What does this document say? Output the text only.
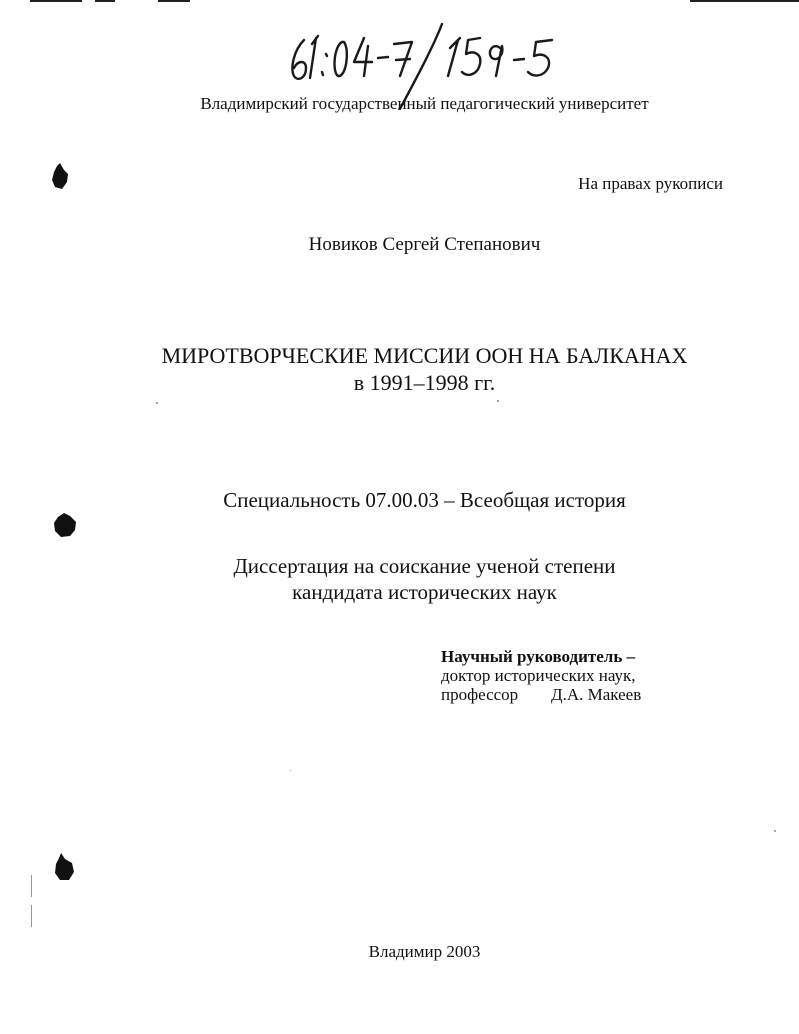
Владимирский государственный педагогический университет
На правах рукописи
Новиков Сергей Степанович
МИРОТВОРЧЕСКИЕ МИССИИ ООН НА БАЛКАНАХ
в 1991–1998 гг.
Специальность 07.00.03 – Всеобщая история
Диссертация на соискание ученой степени
кандидата исторических наук
Научный руководитель –
доктор исторических наук,
профессор Д.А. Макеев
Владимир 2003
